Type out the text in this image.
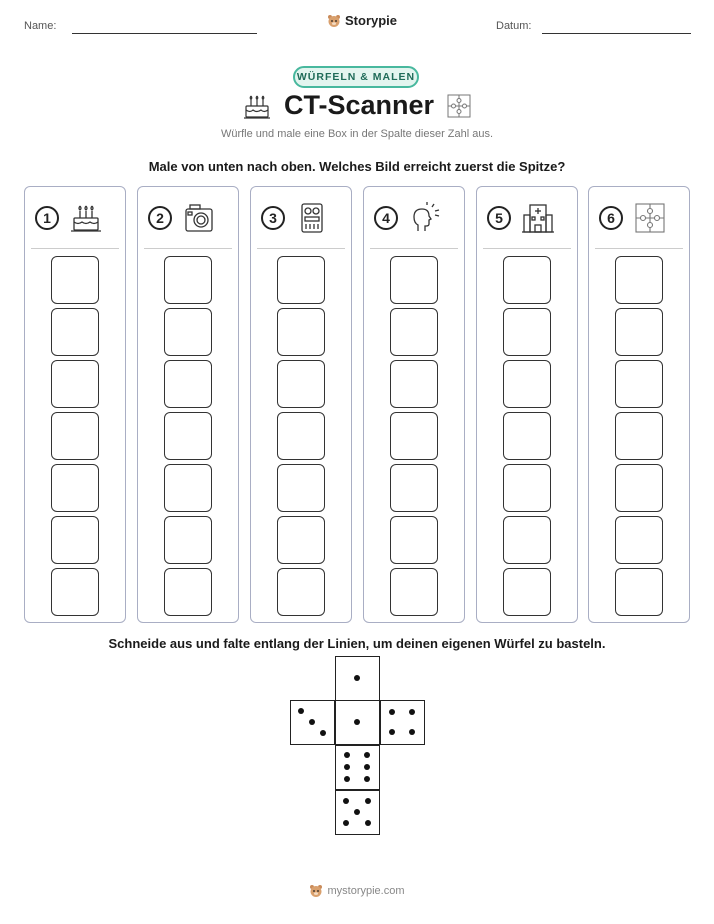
Name:	Storypie	Datum:
WÜRFELN & MALEN
CT-Scanner
Würfle und male eine Box in der Spalte dieser Zahl aus.
Male von unten nach oben. Welches Bild erreicht zuerst die Spitze?
1	2	3	4	5	6
Schneide aus und falte entlang der Linien, um deinen eigenen Würfel zu basteln.
mystorypie.com
